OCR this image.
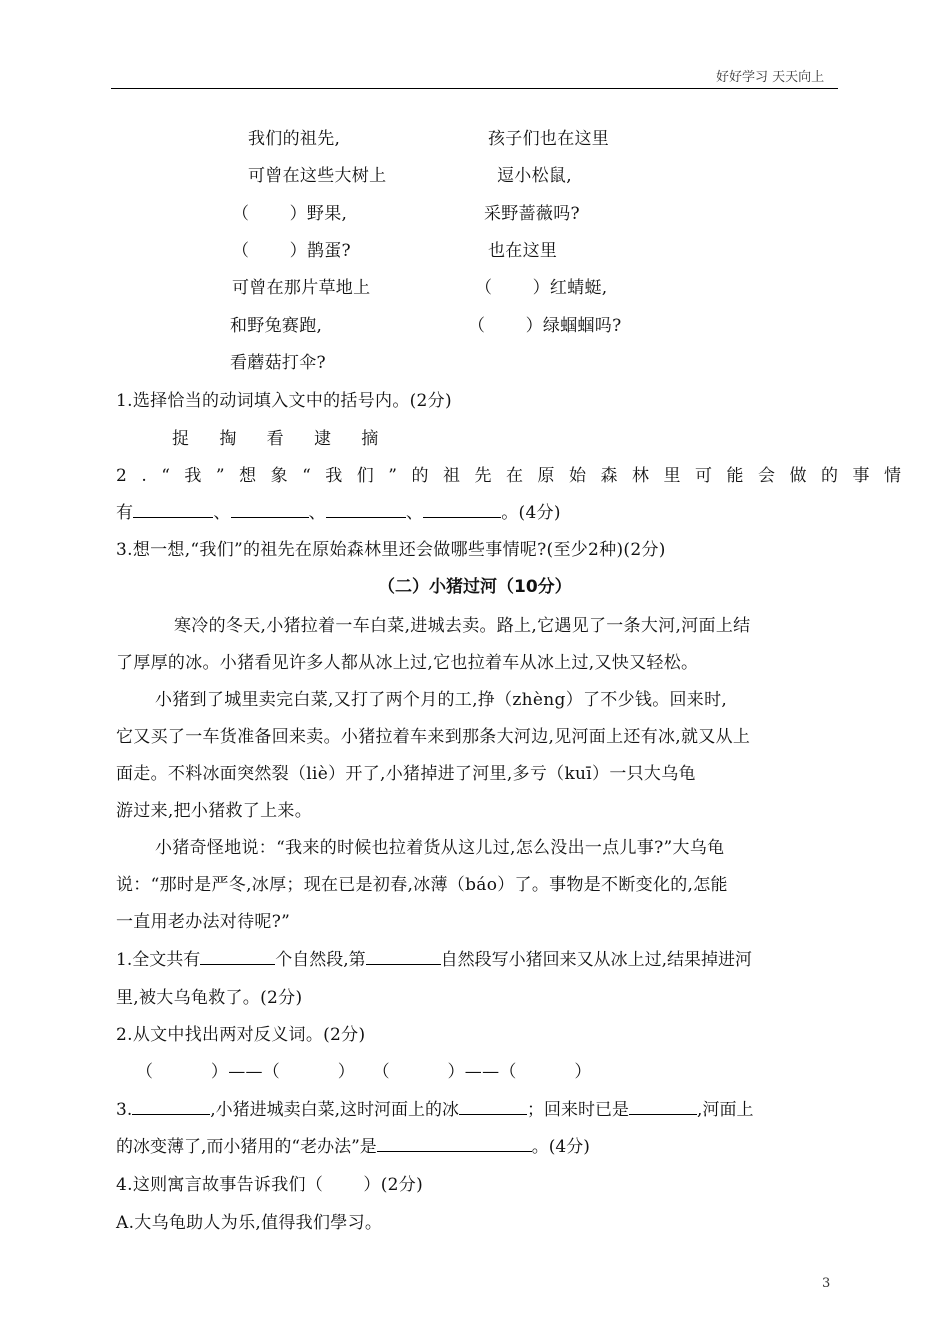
好好学习 天天向上
我们的祖先,
可曾在这些大树上
（　　 ）野果,
（　　 ）鹊蛋?
可曾在那片草地上
和野兔赛跑,
看蘑菇打伞?
孩子们也在这里
逗小松鼠,
采野蔷薇吗?
也在这里
（　　 ）红蜻蜓,
（　　 ）绿蝈蝈吗?
1.选择恰当的动词填入文中的括号内。(2分)
捉 掏 看 逮 摘
2.“我”想象“我们”的祖先在原始森林里可能会做的事情
有	、	、	、	。(4分)
3.想一想,“我们”的祖先在原始森林里还会做哪些事情呢?(至少2种)(2分)
（二）小猪过河（10分）
寒冷的冬天,小猪拉着一车白菜,进城去卖。路上,它遇见了一条大河,河面上结
了厚厚的冰。小猪看见许多人都从冰上过,它也拉着车从冰上过,又快又轻松。
小猪到了城里卖完白菜,又打了两个月的工,挣（zhèng）了不少钱。回来时,
它又买了一车货准备回来卖。小猪拉着车来到那条大河边,见河面上还有冰,就又从上
面走。不料冰面突然裂（liè）开了,小猪掉进了河里,多亏（kuī）一只大乌龟
游过来,把小猪救了上来。
小猪奇怪地说：“我来的时候也拉着货从这儿过,怎么没出一点儿事?”大乌龟
说：“那时是严冬,冰厚；现在已是初春,冰薄（báo）了。事物是不断变化的,怎能
一直用老办法对待呢?”
1.全文共有	个自然段,第	自然段写小猪回来又从冰上过,结果掉进河
里,被大乌龟救了。(2分)
2.从文中找出两对反义词。(2分)
（　　　 ）——（　　　 ）　　（　　　 ）——（　　　 ）
3.	,小猪进城卖白菜,这时河面上的冰	；回来时已是	,河面上
的冰变薄了,而小猪用的“老办法”是	。(4分)
4.这则寓言故事告诉我们（　　 ）(2分)
A.大乌龟助人为乐,值得我们學习。
3
